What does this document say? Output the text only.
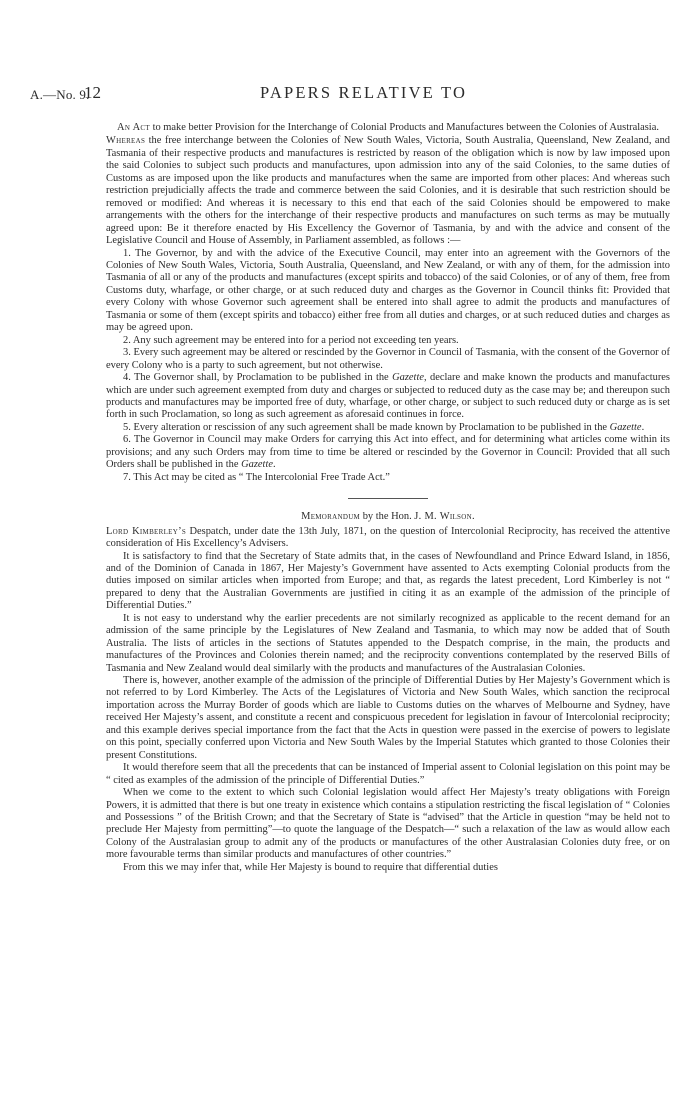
A.—No. 9.
12	PAPERS RELATIVE TO

An Act to make better Provision for the Interchange of Colonial Products and Manufactures between the Colonies of Australasia.

Whereas the free interchange between the Colonies of New South Wales, Victoria, South Australia, Queensland, New Zealand, and Tasmania of their respective products and manufactures is restricted by reason of the obligation which is now by law imposed upon the said Colonies to subject such products and manufactures, upon admission into any of the said Colonies, to the same duties of Customs as are imposed upon the like products and manufactures when the same are imported from other places: And whereas such restriction prejudicially affects the trade and commerce between the said Colonies, and it is desirable that such restriction should be removed or modified: And whereas it is necessary to this end that each of the said Colonies should be empowered to make arrangements with the others for the interchange of their respective products and manufactures on such terms as may be mutually agreed upon: Be it therefore enacted by His Excellency the Governor of Tasmania, by and with the advice and consent of the Legislative Council and House of Assembly, in Parliament assembled, as follows :—

1. The Governor, by and with the advice of the Executive Council, may enter into an agreement with the Governors of the Colonies of New South Wales, Victoria, South Australia, Queensland, and New Zealand, or with any of them, for the admission into Tasmania of all or any of the products and manufactures (except spirits and tobacco) of the said Colonies, or of any of them, free from Customs duty, wharfage, or other charge, or at such reduced duty and charges as the Governor in Council thinks fit: Provided that every Colony with whose Governor such agreement shall be entered into shall agree to admit the products and manufactures of Tasmania or some of them (except spirits and tobacco) either free from all duties and charges, or at such reduced duties and charges as may be agreed upon.

2. Any such agreement may be entered into for a period not exceeding ten years.

3. Every such agreement may be altered or rescinded by the Governor in Council of Tasmania, with the consent of the Governor of every Colony who is a party to such agreement, but not otherwise.

4. The Governor shall, by Proclamation to be published in the Gazette, declare and make known the products and manufactures which are under such agreement exempted from duty and charges or subjected to reduced duty as the case may be; and thereupon such products and manufactures may be imported free of duty, wharfage, or other charge, or subject to such reduced duty or charge as is set forth in such Proclamation, so long as such agreement as aforesaid continues in force.

5. Every alteration or rescission of any such agreement shall be made known by Proclamation to be published in the Gazette.

6. The Governor in Council may make Orders for carrying this Act into effect, and for determining what articles come within its provisions; and any such Orders may from time to time be altered or rescinded by the Governor in Council: Provided that all such Orders shall be published in the Gazette.

7. This Act may be cited as “ The Intercolonial Free Trade Act.”

Memorandum by the Hon. J. M. Wilson.

Lord Kimberley’s Despatch, under date the 13th July, 1871, on the question of Intercolonial Reciprocity, has received the attentive consideration of His Excellency’s Advisers.

It is satisfactory to find that the Secretary of State admits that, in the cases of Newfoundland and Prince Edward Island, in 1856, and of the Dominion of Canada in 1867, Her Majesty’s Government have assented to Acts exempting Colonial products from the duties imposed on similar articles when imported from Europe; and that, as regards the latest precedent, Lord Kimberley is not “ prepared to deny that the Australian Governments are justified in citing it as an example of the admission of the principle of Differential Duties.”

It is not easy to understand why the earlier precedents are not similarly recognized as applicable to the recent demand for an admission of the same principle by the Legislatures of New Zealand and Tasmania, to which may now be added that of South Australia. The lists of articles in the sections of Statutes appended to the Despatch comprise, in the main, the products and manufactures of the Provinces and Colonies therein named; and the reciprocity conventions contemplated by the reserved Bills of Tasmania and New Zealand would deal similarly with the products and manufactures of the Australasian Colonies.

There is, however, another example of the admission of the principle of Differential Duties by Her Majesty’s Government which is not referred to by Lord Kimberley. The Acts of the Legislatures of Victoria and New South Wales, which sanction the reciprocal importation across the Murray Border of goods which are liable to Customs duties on the wharves of Melbourne and Sydney, have received Her Majesty’s assent, and constitute a recent and conspicuous precedent for legislation in favour of Intercolonial reciprocity; and this example derives special importance from the fact that the Acts in question were passed in the exercise of powers to legislate on this point, specially conferred upon Victoria and New South Wales by the Imperial Statutes which granted to those Colonies their present Constitutions.

It would therefore seem that all the precedents that can be instanced of Imperial assent to Colonial legislation on this point may be “ cited as examples of the admission of the principle of Differential Duties.”

When we come to the extent to which such Colonial legislation would affect Her Majesty’s treaty obligations with Foreign Powers, it is admitted that there is but one treaty in existence which contains a stipulation restricting the fiscal legislation of “ Colonies and Possessions ” of the British Crown; and that the Secretary of State is “advised” that the Article in question “may be held not to preclude Her Majesty from permitting”—to quote the language of the Despatch—“ such a relaxation of the law as would allow each Colony of the Australasian group to admit any of the products or manufactures of the other Australasian Colonies duty free, or on more favourable terms than similar products and manufactures of other countries.”

From this we may infer that, while Her Majesty is bound to require that differential duties
